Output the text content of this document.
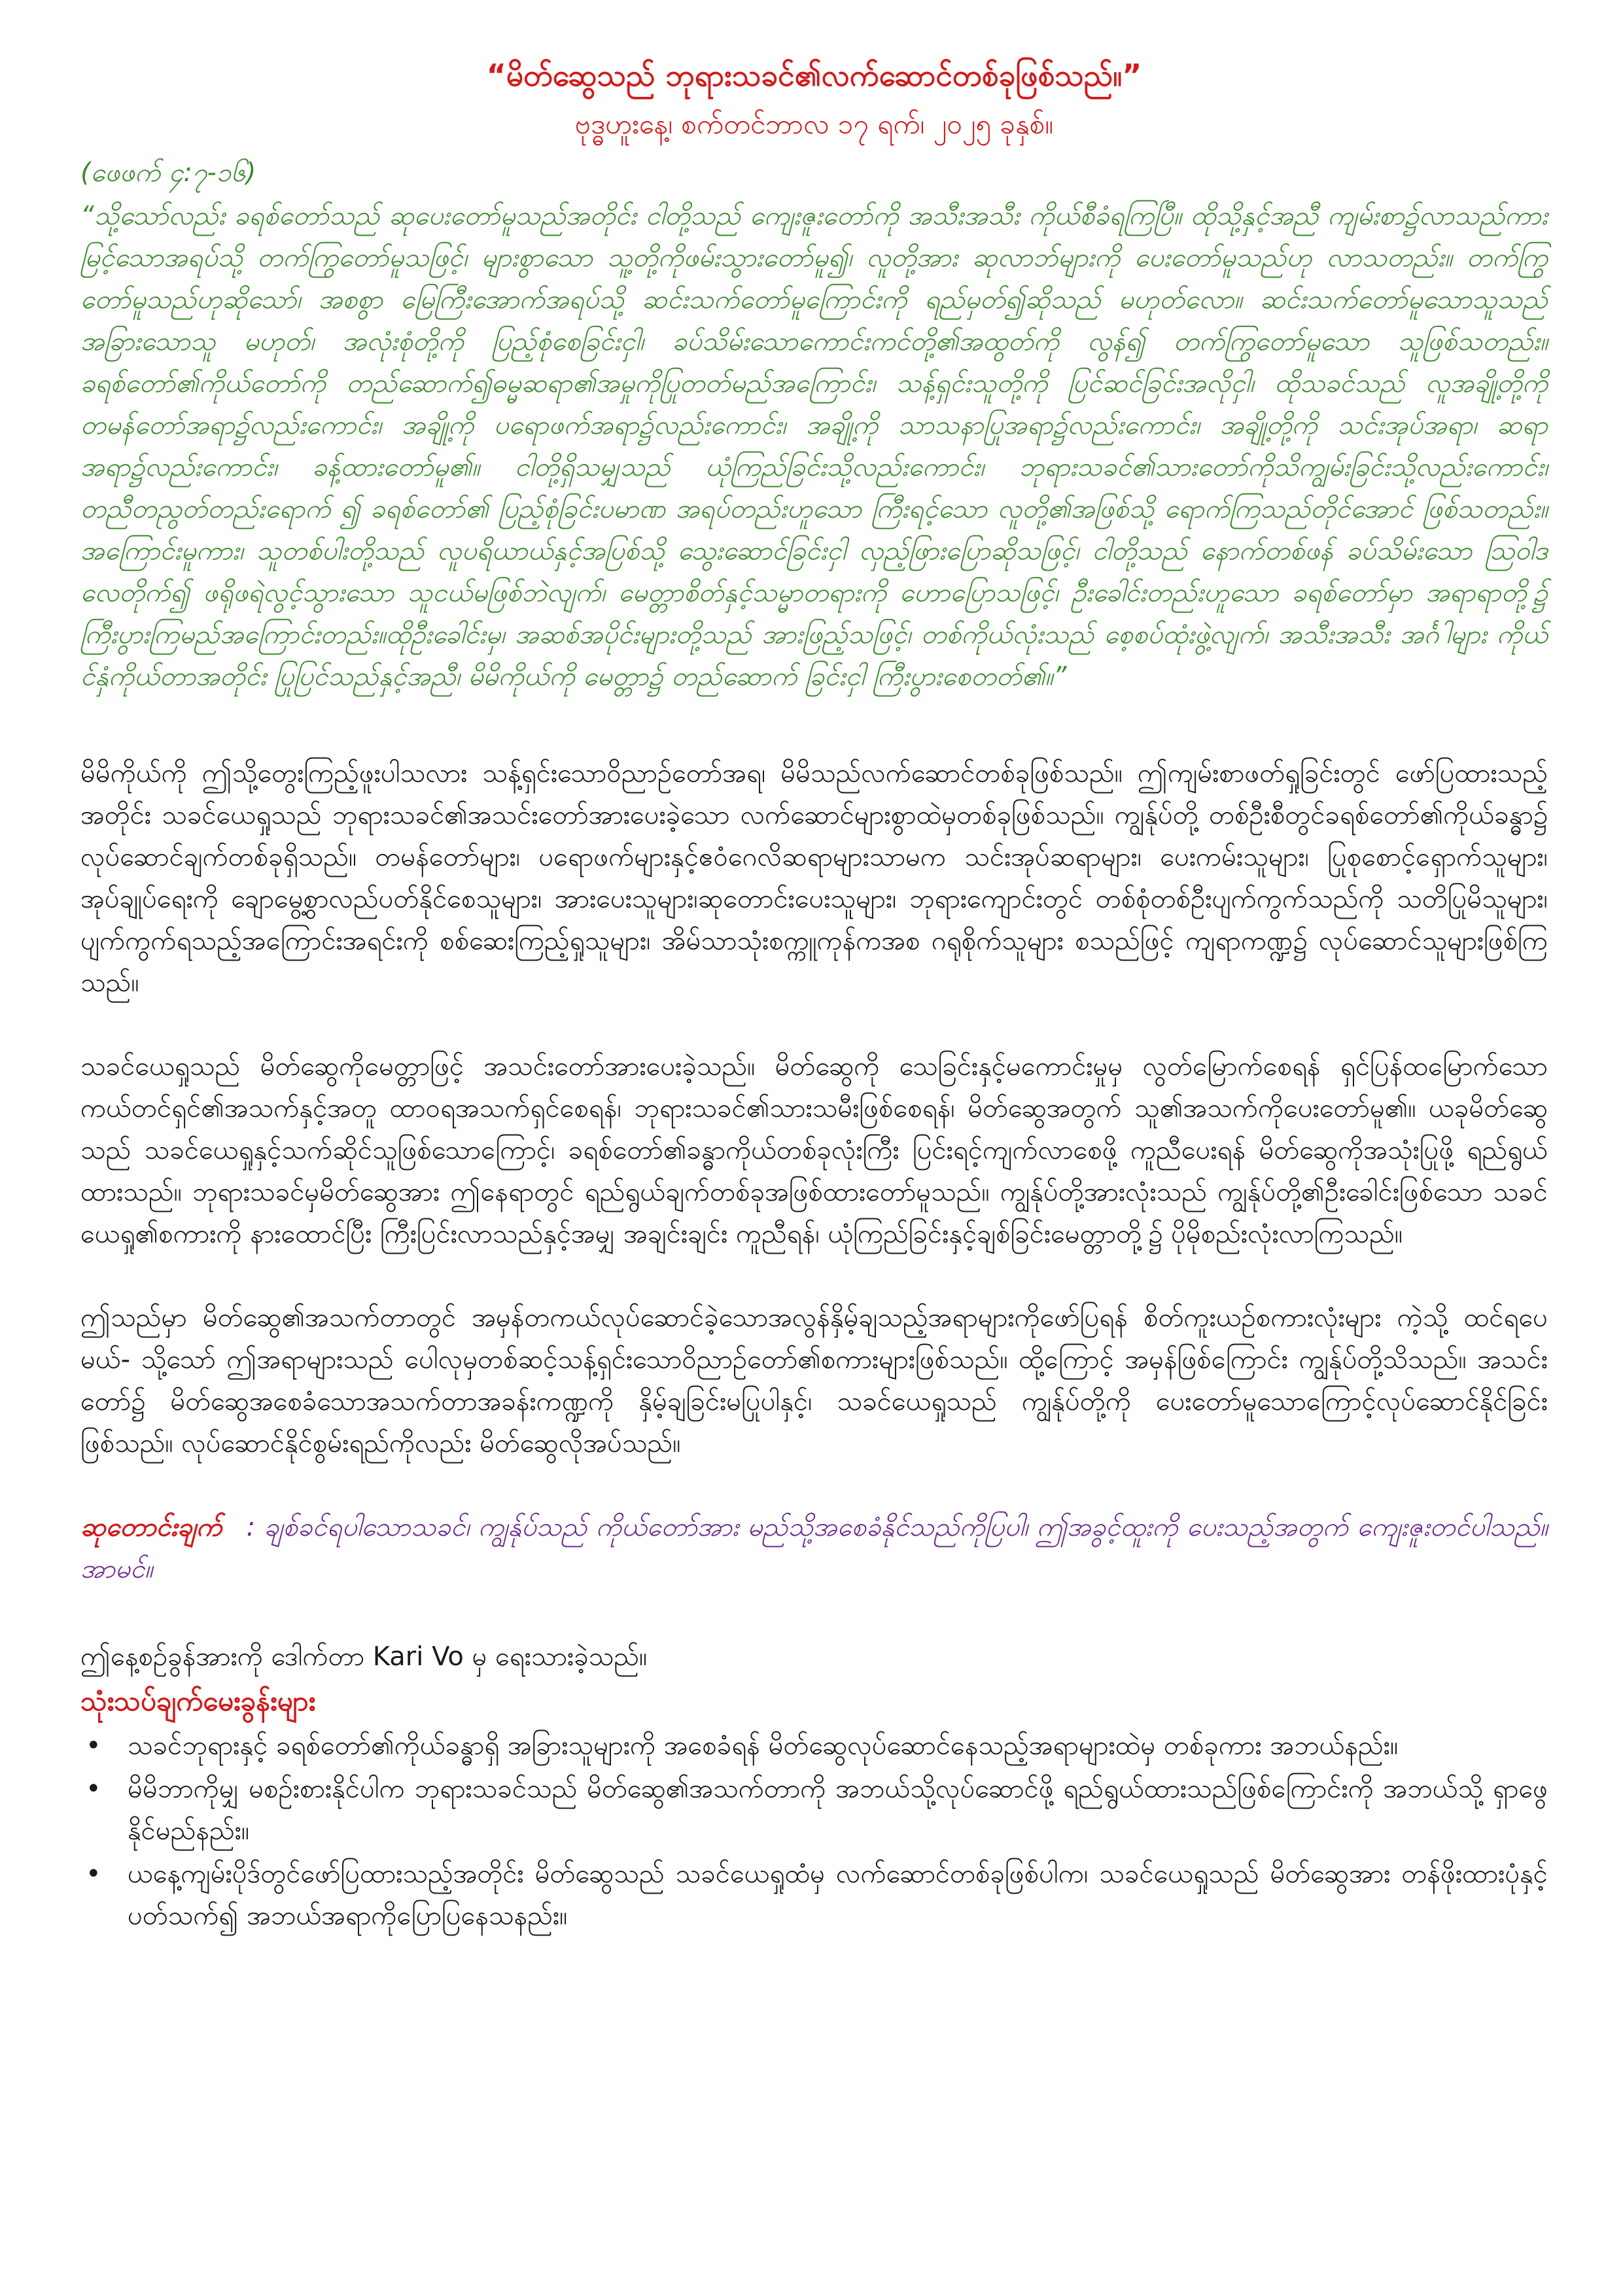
“မိတ်ဆွေသည် ဘုရားသခင်၏လက်ဆောင်တစ်ခုဖြစ်သည်။”
ဗုဒ္ဓဟူးနေ့၊ စက်တင်ဘာလ ၁၇ ရက်၊ ၂၀၂၅ ခုနှစ်။
(ဖေဖက် ၄:၇-၁၆)
“သို့သော်လည်း ခရစ်တော်သည် ဆုပေးတော်မူသည်အတိုင်း ငါတို့သည် ကျေးဇူးတော်ကို အသီးအသီး ကိုယ်စီခံရကြပြီ။ ထိုသို့နှင့်အညီ ကျမ်းစာ၌လာသည်ကားမြင့်သောအရပ်သို့ တက်ကြွတော်မူသဖြင့်၊ များစွာသော သူ့တို့ကိုဖမ်းသွားတော်မူ၍၊ လူတို့အား ဆုလာဘ်များကို ပေးတော်မူသည်ဟု လာသတည်း။ တက်ကြွတော်မူသည်ဟုဆိုသော်၊ အစစွာ မြေကြီးအောက်အရပ်သို့ ဆင်းသက်တော်မူကြောင်းကို ရည်မှတ်၍ဆိုသည် မဟုတ်လော။ ဆင်းသက်တော်မူသောသူသည် အခြားသောသူ မဟုတ်၊ အလုံးစုံတို့ကို ပြည့်စုံစေခြင်းငှါ၊ ခပ်သိမ်းသောကောင်းကင်တို့၏အထွတ်ကို လွန်၍ တက်ကြွတော်မူသော သူဖြစ်သတည်း။ ခရစ်တော်၏ကိုယ်တော်ကို တည်ဆောက်၍ဓမ္မဆရာ၏အမှုကိုပြုတတ်မည်အကြောင်း၊ သန့်ရှင်းသူတို့ကို ပြင်ဆင်ခြင်းအလိုငှါ၊ ထိုသခင်သည် လူအချို့တို့ကို တမန်တော်အရာ၌လည်းကောင်း၊ အချို့ကို ပရောဖက်အရာ၌လည်းကောင်း၊ အချို့ကို သာသနာပြုအရာ၌လည်းကောင်း၊ အချို့တို့ကို သင်းအုပ်အရာ၊ ဆရာအရာ၌လည်းကောင်း၊ ခန့်ထားတော်မူ၏။ ငါတို့ရှိသမျှသည် ယုံကြည်ခြင်းသို့လည်းကောင်း၊ ဘုရားသခင်၏သားတော်ကိုသိကျွမ်းခြင်းသို့လည်းကောင်း၊ တညီတညွတ်တည်းရောက် ၍ ခရစ်တော်၏ ပြည့်စုံခြင်းပမာဏ အရပ်တည်းဟူသော ကြီးရင့်သော လူတို့၏အဖြစ်သို့ ရောက်ကြသည်တိုင်အောင် ဖြစ်သတည်း။ အကြောင်းမူကား၊ သူတစ်ပါးတို့သည် လူပရိယာယ်နှင့်အပြစ်သို့ သွေးဆောင်ခြင်းငှါ လှည့်ဖြားပြောဆိုသဖြင့်၊ ငါတို့သည် နောက်တစ်ဖန် ခပ်သိမ်းသော ဩဝါဒ လေတိုက်၍ ဖရိုဖရဲလွင့်သွားသော သူငယ်မဖြစ်ဘဲလျက်၊ မေတ္တာစိတ်နှင့်သမ္မာတရားကို ဟောပြောသဖြင့်၊ ဦးခေါင်းတည်းဟူသော ခရစ်တော်မှာ အရာရာတို့၌ ကြီးပွားကြမည်အကြောင်းတည်း။ထိုဦးခေါင်းမှ၊ အဆစ်အပိုင်းများတို့သည် အားဖြည့်သဖြင့်၊ တစ်ကိုယ်လုံးသည် စေ့စပ်ထုံးဖွဲ့လျက်၊ အသီးအသီး အင်္ဂါများ ကိုယ်င်နှံကိုယ်တာအတိုင်း ပြုပြင်သည်နှင့်အညီ၊ မိမိကိုယ်ကို မေတ္တာ၌ တည်ဆောက် ခြင်းငှါ ကြီးပွားစေတတ်၏။”
မိမိကိုယ်ကို ဤသို့တွေးကြည့်ဖူးပါသလား သန့်ရှင်းသောဝိညာဉ်တော်အရ၊ မိမိသည်လက်ဆောင်တစ်ခုဖြစ်သည်။ ဤကျမ်းစာဖတ်ရှုခြင်းတွင် ဖော်ပြထားသည့်အတိုင်း သခင်ယေရှုသည် ဘုရားသခင်၏အသင်းတော်အားပေးခဲ့သော လက်ဆောင်များစွာထဲမှတစ်ခုဖြစ်သည်။ ကျွန်ုပ်တို့ တစ်ဦးစီတွင်ခရစ်တော်၏ကိုယ်ခန္ဓာ၌ လုပ်ဆောင်ချက်တစ်ခုရှိသည်။ တမန်တော်များ၊ ပရောဖက်များနှင့်ဧဝံဂေလိဆရာများသာမက သင်းအုပ်ဆရာများ၊ ပေးကမ်းသူများ၊ ပြုစုစောင့်ရှောက်သူများ၊ အုပ်ချုပ်ရေးကို ချောမွေ့စွာလည်ပတ်နိုင်စေသူများ၊ အားပေးသူများ၊ဆုတောင်းပေးသူများ၊ ဘုရားကျောင်းတွင် တစ်စုံတစ်ဦးပျက်ကွက်သည်ကို သတိပြုမိသူများ၊ ပျက်ကွက်ရသည့်အကြောင်းအရင်းကို စစ်ဆေးကြည့်ရှုသူများ၊ အိမ်သာသုံးစက္ကူကုန်ကအစ ဂရုစိုက်သူများ စသည်ဖြင့် ကျရာကဏ္ဍ၌ လုပ်ဆောင်သူများဖြစ်ကြသည်။
သခင်ယေရှုသည် မိတ်ဆွေကိုမေတ္တာဖြင့် အသင်းတော်အားပေးခဲ့သည်။ မိတ်ဆွေကို သေခြင်းနှင့်မကောင်းမှုမှ လွတ်မြောက်စေရန် ရှင်ပြန်ထမြောက်သော ကယ်တင်ရှင်၏အသက်နှင့်အတူ ထာဝရအသက်ရှင်စေရန်၊ ဘုရားသခင်၏သားသမီးဖြစ်စေရန်၊ မိတ်ဆွေအတွက် သူ၏အသက်ကိုပေးတော်မူ၏။ ယခုမိတ်ဆွေသည် သခင်ယေရှုနှင့်သက်ဆိုင်သူဖြစ်သောကြောင့်၊ ခရစ်တော်၏ခန္ဓာကိုယ်တစ်ခုလုံးကြီး ပြင်းရင့်ကျက်လာစေဖို့ ကူညီပေးရန် မိတ်ဆွေကိုအသုံးပြုဖို့ ရည်ရွယ်ထားသည်။ ဘုရားသခင်မှမိတ်ဆွေအား ဤနေရာတွင် ရည်ရွယ်ချက်တစ်ခုအဖြစ်ထားတော်မူသည်။ ကျွန်ုပ်တို့အားလုံးသည် ကျွန်ုပ်တို့၏ဦးခေါင်းဖြစ်သော သခင်ယေရှု၏စကားကို နားထောင်ပြီး ကြီးပြင်းလာသည်နှင့်အမျှ အချင်းချင်း ကူညီရန်၊ ယုံကြည်ခြင်းနှင့်ချစ်ခြင်းမေတ္တာတို့၌ ပိုမိုစည်းလုံးလာကြသည်။
ဤသည်မှာ မိတ်ဆွေ၏အသက်တာတွင် အမှန်တကယ်လုပ်ဆောင်ခဲ့သောအလွန်နှိမ့်ချသည့်အရာများကိုဖော်ပြရန် စိတ်ကူးယဉ်စကားလုံးများ ကဲ့သို့ ထင်ရပေမယ်- သို့သော် ဤအရာများသည် ပေါလုမှတစ်ဆင့်သန့်ရှင်းသောဝိညာဉ်တော်၏စကားများဖြစ်သည်။ ထို့ကြောင့် အမှန်ဖြစ်ကြောင်း ကျွန်ုပ်တို့သိသည်။ အသင်းတော်၌ မိတ်ဆွေအစေခံသောအသက်တာအခန်းကဏ္ဍကို နှိမ့်ချခြင်းမပြုပါနှင့်၊ သခင်ယေရှုသည် ကျွန်ုပ်တို့ကို ပေးတော်မူသောကြောင့်လုပ်ဆောင်နိုင်ခြင်းဖြစ်သည်။ လုပ်ဆောင်နိုင်စွမ်းရည်ကိုလည်း မိတ်ဆွေလိုအပ်သည်။
ဆုတောင်းချက် : ချစ်ခင်ရပါသောသခင်၊ ကျွန်ုပ်သည် ကိုယ်တော်အား မည်သို့အစေခံနိုင်သည်ကိုပြပါ၊ ဤအခွင့်ထူးကို ပေးသည့်အတွက် ကျေးဇူးတင်ပါသည်။ အာမင်။
ဤနေ့စဉ်ခွန်အားကို ဒေါက်တာ Kari Vo မှ ရေးသားခဲ့သည်။
သုံးသပ်ချက်မေးခွန်းများ
• သခင်ဘုရားနှင့် ခရစ်တော်၏ကိုယ်ခန္ဓာရှိ အခြားသူများကို အစေခံရန် မိတ်ဆွေလုပ်ဆောင်နေသည့်အရာများထဲမှ တစ်ခုကား အဘယ်နည်း။
• မိမိဘာကိုမျှ မစဉ်းစားနိုင်ပါက ဘုရားသခင်သည် မိတ်ဆွေ၏အသက်တာကို အဘယ်သို့လုပ်ဆောင်ဖို့ ရည်ရွယ်ထားသည်ဖြစ်ကြောင်းကို အဘယ်သို့ ရှာဖွေနိုင်မည်နည်း။
• ယနေ့ကျမ်းပိုဒ်တွင်ဖော်ပြထားသည့်အတိုင်း မိတ်ဆွေသည် သခင်ယေရှုထံမှ လက်ဆောင်တစ်ခုဖြစ်ပါက၊ သခင်ယေရှုသည် မိတ်ဆွေအား တန်ဖိုးထားပုံနှင့်ပတ်သက်၍ အဘယ်အရာကိုပြောပြနေသနည်း။
